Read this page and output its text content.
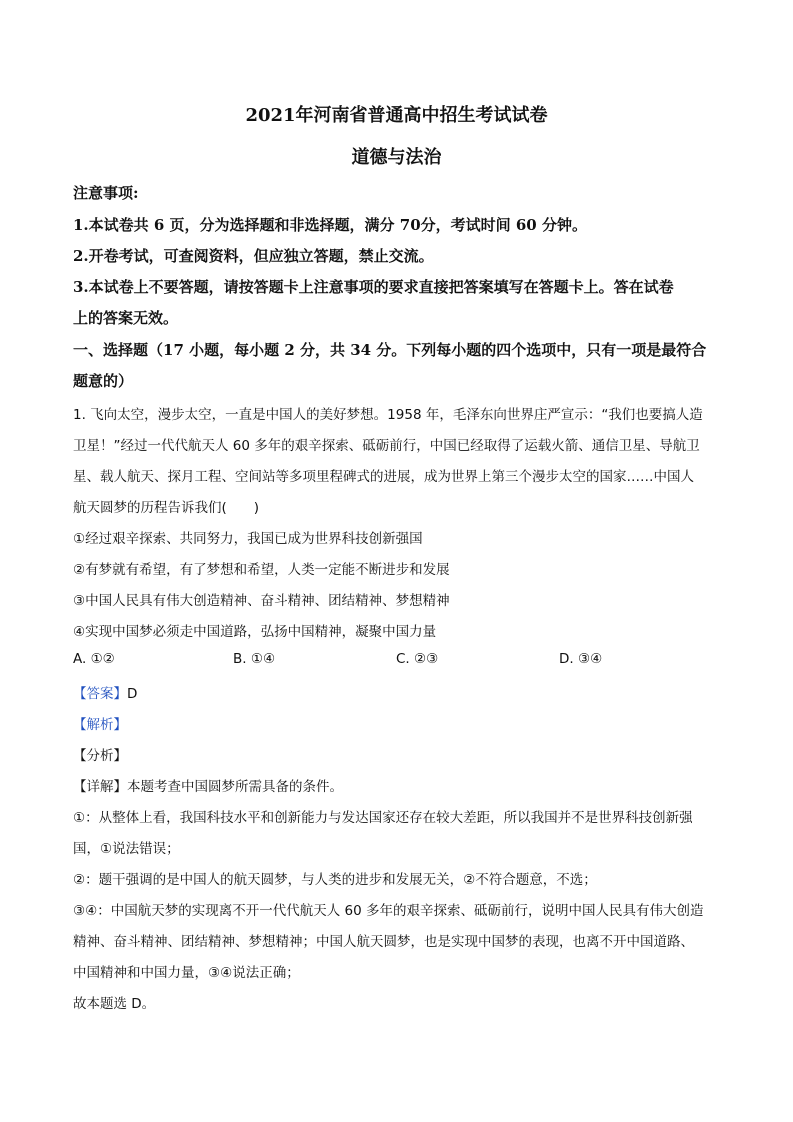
2021年河南省普通高中招生考试试卷
道德与法治
注意事项:
1.本试卷共 6 页，分为选择题和非选择题，满分 70分，考试时间 60 分钟。
2.开卷考试，可查阅资料，但应独立答题，禁止交流。
3.本试卷上不要答题，请按答题卡上注意事项的要求直接把答案填写在答题卡上。答在试卷
上的答案无效。
一、选择题（17 小题，每小题 2 分，共 34 分。下列每小题的四个选项中，只有一项是最符合
题意的）
1. 飞向太空，漫步太空，一直是中国人的美好梦想。1958 年，毛泽东向世界庄严宣示：“我们也要搞人造
卫星！”经过一代代航天人 60 多年的艰辛探索、砥砺前行，中国已经取得了运载火箭、通信卫星、导航卫
星、载人航天、探月工程、空间站等多项里程碑式的进展，成为世界上第三个漫步太空的国家……中国人
航天圆梦的历程告诉我们(　　)
①经过艰辛探索、共同努力，我国已成为世界科技创新强国
②有梦就有希望，有了梦想和希望，人类一定能不断进步和发展
③中国人民具有伟大创造精神、奋斗精神、团结精神、梦想精神
④实现中国梦必须走中国道路，弘扬中国精神，凝聚中国力量
A. ①②	B. ①④	C. ②③	D. ③④
【答案】D
【解析】
【分析】
【详解】本题考查中国圆梦所需具备的条件。
①：从整体上看，我国科技水平和创新能力与发达国家还存在较大差距，所以我国并不是世界科技创新强
国，①说法错误；
②：题干强调的是中国人的航天圆梦，与人类的进步和发展无关，②不符合题意，不选；
③④：中国航天梦的实现离不开一代代航天人 60 多年的艰辛探索、砥砺前行，说明中国人民具有伟大创造
精神、奋斗精神、团结精神、梦想精神；中国人航天圆梦，也是实现中国梦的表现，也离不开中国道路、
中国精神和中国力量，③④说法正确；
故本题选 D。
